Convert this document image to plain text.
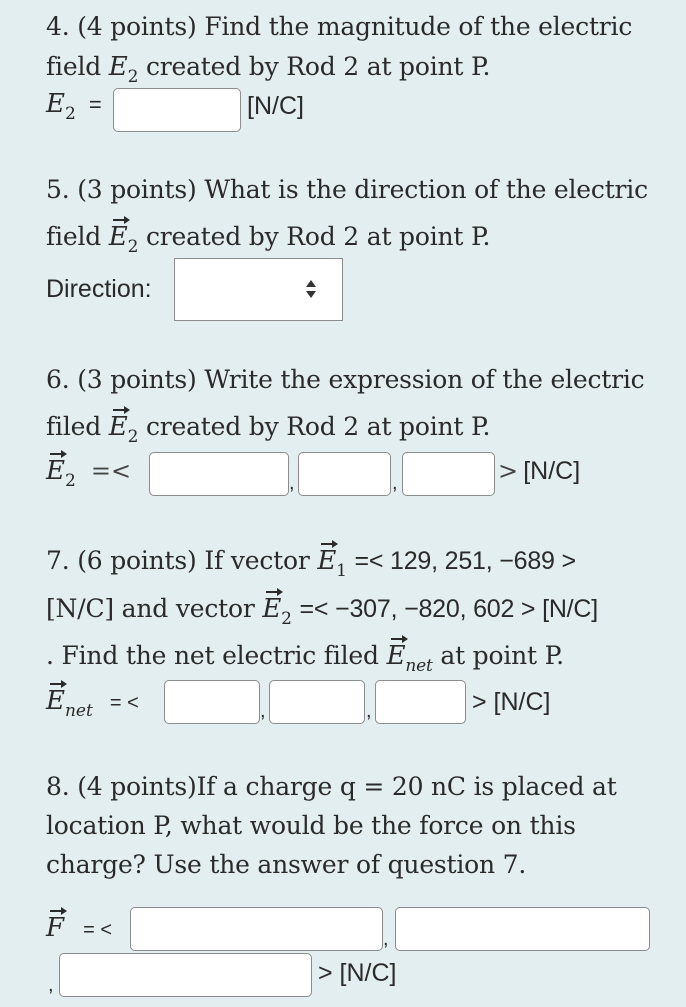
4. (4 points) Find the magnitude of the electric
field $E_2$ created by Rod 2 at point P.
E2 =	[N/C]
5. (3 points) What is the direction of the electric
field $E_2$ created by Rod 2 at point P.
Direction:
6. (3 points) Write the expression of the electric
filed $E_2$ created by Rod 2 at point P.
E2 =<	,	,	> [N/C]
7. (6 points) If vector $E_1 =< 129$, 251, −689 >
[N/C] and vector $E_2 =< -307$, −820, 602 > [N/C]
. Find the net electric filed $E_{net}$ at point P.
Enet = <	,	,	> [N/C]
8. (4 points)If a charge q = 20 nC is placed at
location P, what would be the force on this
charge? Use the answer of question 7.
F = <	,
,	> [N/C]
